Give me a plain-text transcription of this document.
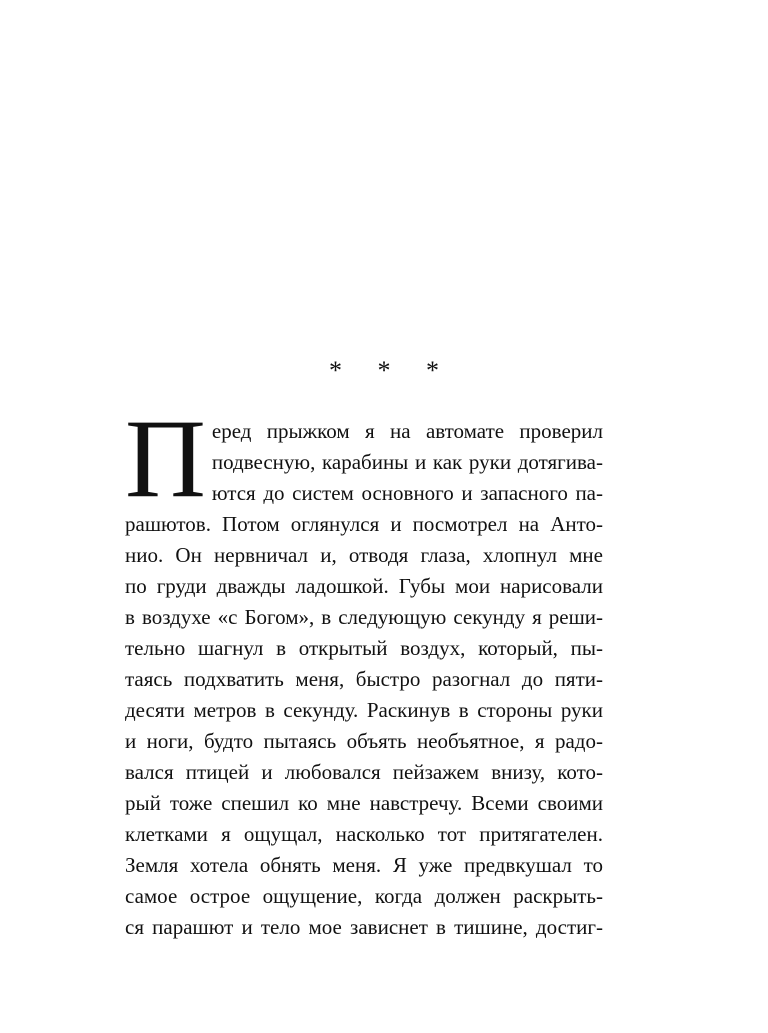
* * *
П еред прыжком я на автомате проверил
подвесную, карабины и как руки дотягива-
ются до систем основного и запасного па-
рашютов. Потом оглянулся и посмотрел на Анто-
нио. Он нервничал и, отводя глаза, хлопнул мне
по груди дважды ладошкой. Губы мои нарисовали
в воздухе «с Богом», в следующую секунду я реши-
тельно шагнул в открытый воздух, который, пы-
таясь подхватить меня, быстро разогнал до пяти-
десяти метров в секунду. Раскинув в стороны руки
и ноги, будто пытаясь объять необъятное, я радо-
вался птицей и любовался пейзажем внизу, кото-
рый тоже спешил ко мне навстречу. Всеми своими
клетками я ощущал, насколько тот притягателен.
Земля хотела обнять меня. Я уже предвкушал то
самое острое ощущение, когда должен раскрыть-
ся парашют и тело мое зависнет в тишине, достиг-
